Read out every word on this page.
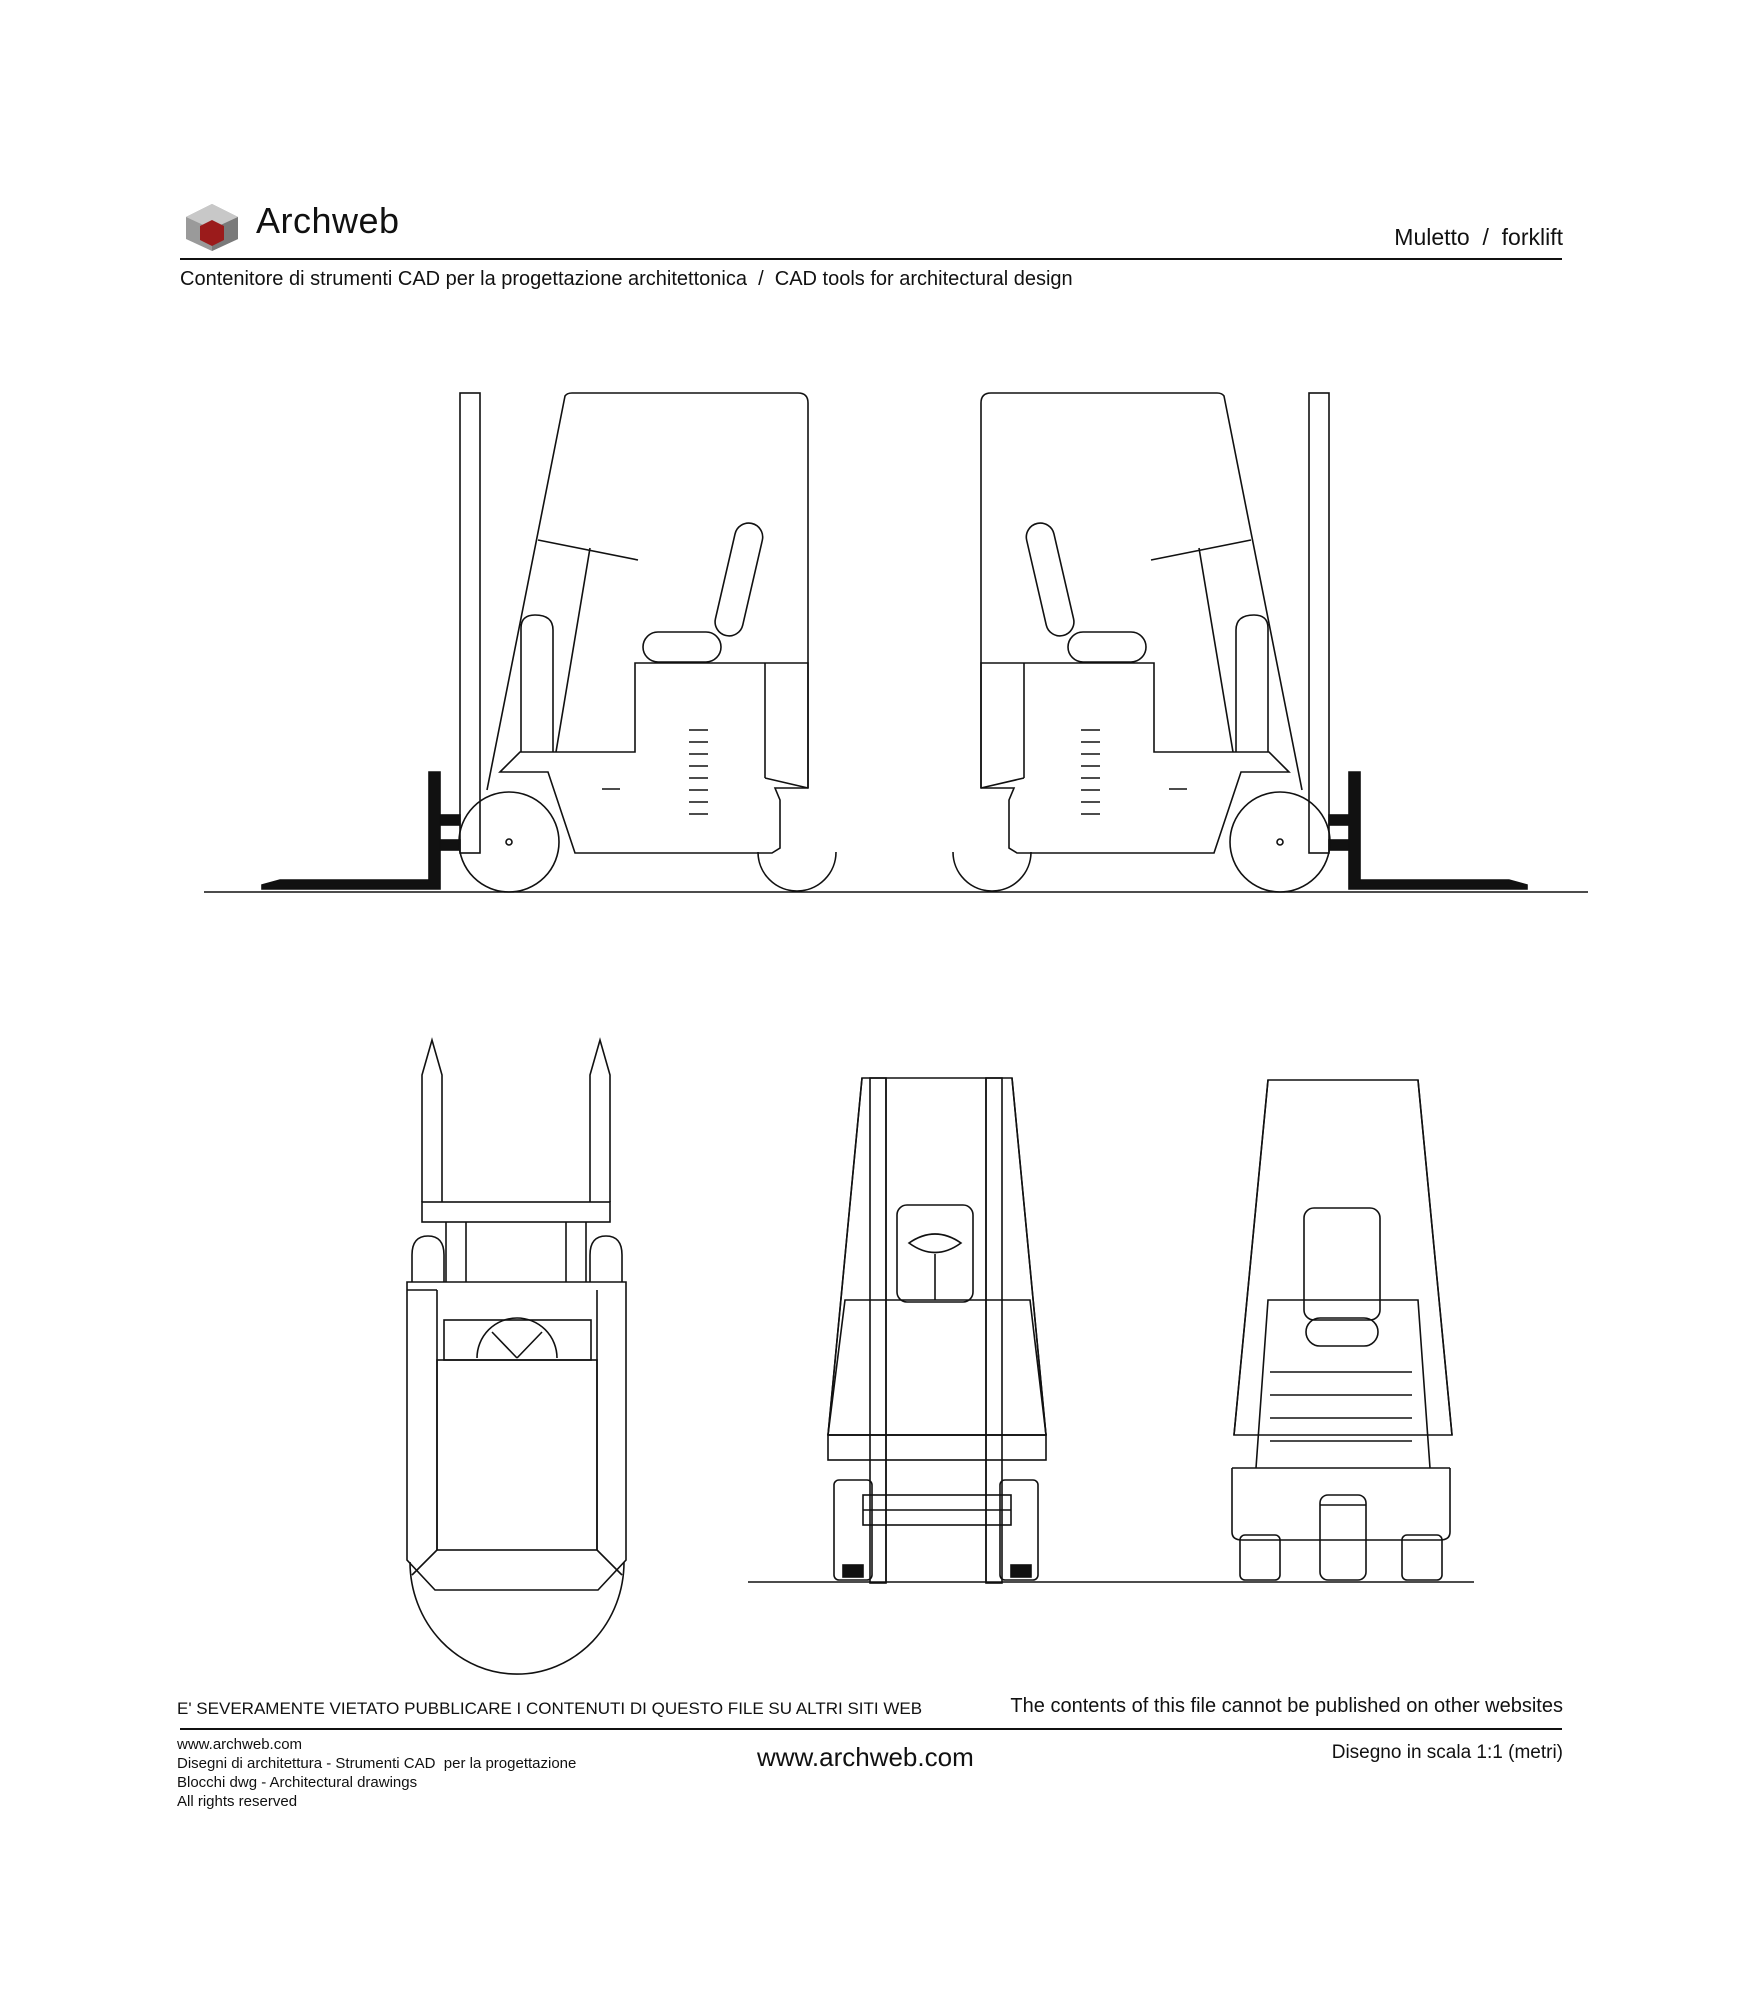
Archweb	Muletto  /  forklift
Contenitore di strumenti CAD per la progettazione architettonica  /  CAD tools for architectural design
E' SEVERAMENTE VIETATO PUBBLICARE I CONTENUTI DI QUESTO FILE SU ALTRI SITI WEB	The contents of this file cannot be published on other websites
www.archweb.com
Disegni di architettura - Strumenti CAD  per la progettazione
Blocchi dwg - Architectural drawings
All rights reserved
www.archweb.com	Disegno in scala 1:1 (metri)
